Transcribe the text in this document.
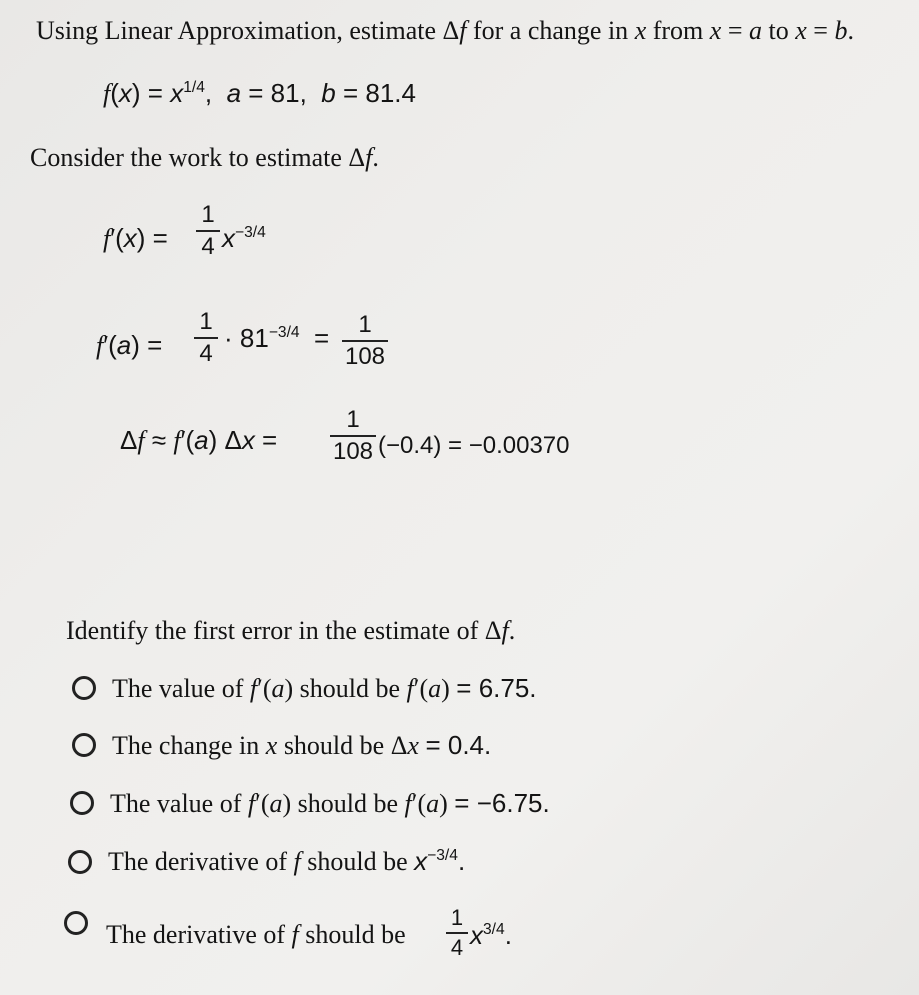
Using Linear Approximation, estimate Δf for a change in x from x = a to x = b.
$f(x) = x^{1/4}$,  a = 81,  b = 81.4
Consider the work to estimate Δf.
f′(x) =
1
4 $x^{-3/4}$
f′(a) =
1
4
· $81^{-3/4}$  =	1
108
Δf ≈ f′(a) Δx =
1
108 (−0.4) = −0.00370
Identify the first error in the estimate of Δf.
The value of f′(a) should be f′(a) = 6.75.
The change in x should be Δx = 0.4.
The value of f′(a) should be f′(a) = −6.75.
The derivative of f should be $x^{-3/4}$.
The derivative of f should be
1
4 $x^{3/4}$.
